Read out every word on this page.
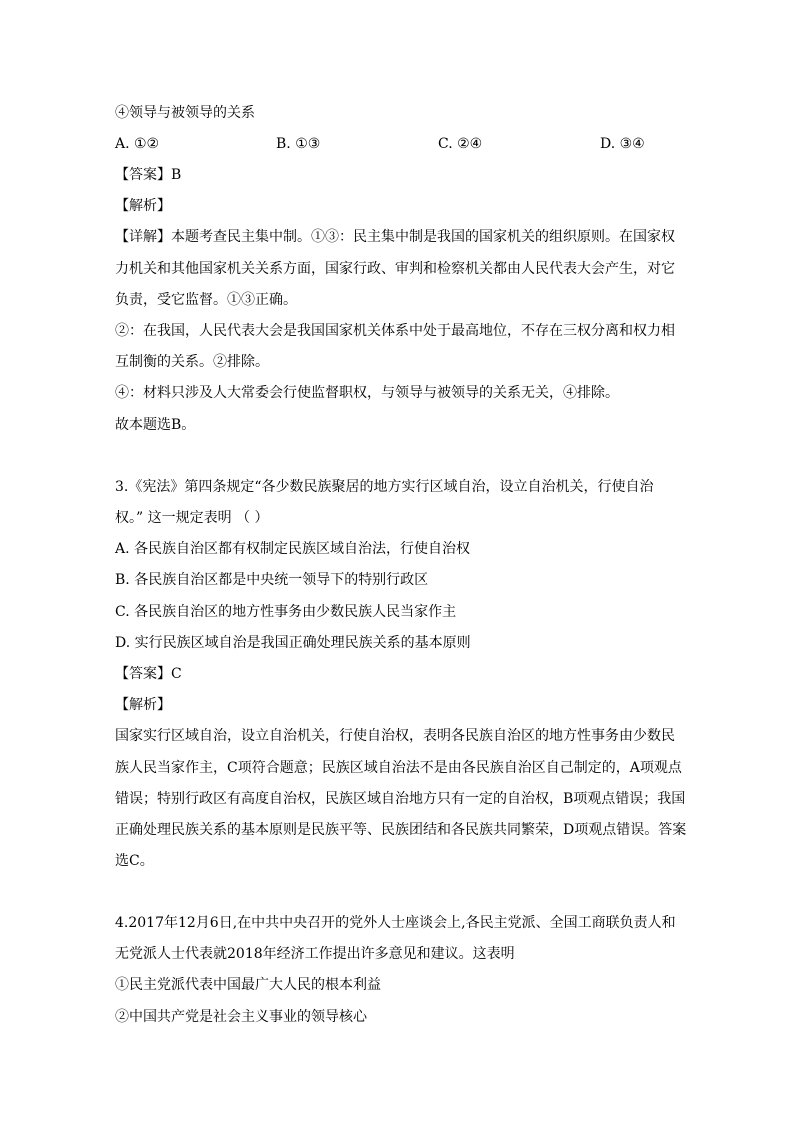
④领导与被领导的关系
A. ①②	B. ①③	C. ②④	D. ③④
【答案】B
【解析】
【详解】本题考查民主集中制。①③：民主集中制是我国的国家机关的组织原则。在国家权
力机关和其他国家机关关系方面，国家行政、审判和检察机关都由人民代表大会产生，对它
负责，受它监督。①③正确。
②：在我国，人民代表大会是我国国家机关体系中处于最高地位，不存在三权分离和权力相
互制衡的关系。②排除。
④：材料只涉及人大常委会行使监督职权，与领导与被领导的关系无关，④排除。
故本题选B。
3.《宪法》第四条规定“各少数民族聚居的地方实行区域自治，设立自治机关，行使自治
权。” 这一规定表明 （ ）
A. 各民族自治区都有权制定民族区域自治法，行使自治权
B. 各民族自治区都是中央统一领导下的特别行政区
C. 各民族自治区的地方性事务由少数民族人民当家作主
D. 实行民族区域自治是我国正确处理民族关系的基本原则
【答案】C
【解析】
国家实行区域自治，设立自治机关，行使自治权，表明各民族自治区的地方性事务由少数民
族人民当家作主，C项符合题意；民族区域自治法不是由各民族自治区自己制定的，A项观点
错误；特别行政区有高度自治权，民族区域自治地方只有一定的自治权，B项观点错误；我国
正确处理民族关系的基本原则是民族平等、民族团结和各民族共同繁荣，D项观点错误。答案
选C。
4.2017年12月6日,在中共中央召开的党外人士座谈会上,各民主党派、全国工商联负责人和
无党派人士代表就2018年经济工作提出许多意见和建议。这表明
①民主党派代表中国最广大人民的根本利益
②中国共产党是社会主义事业的领导核心
